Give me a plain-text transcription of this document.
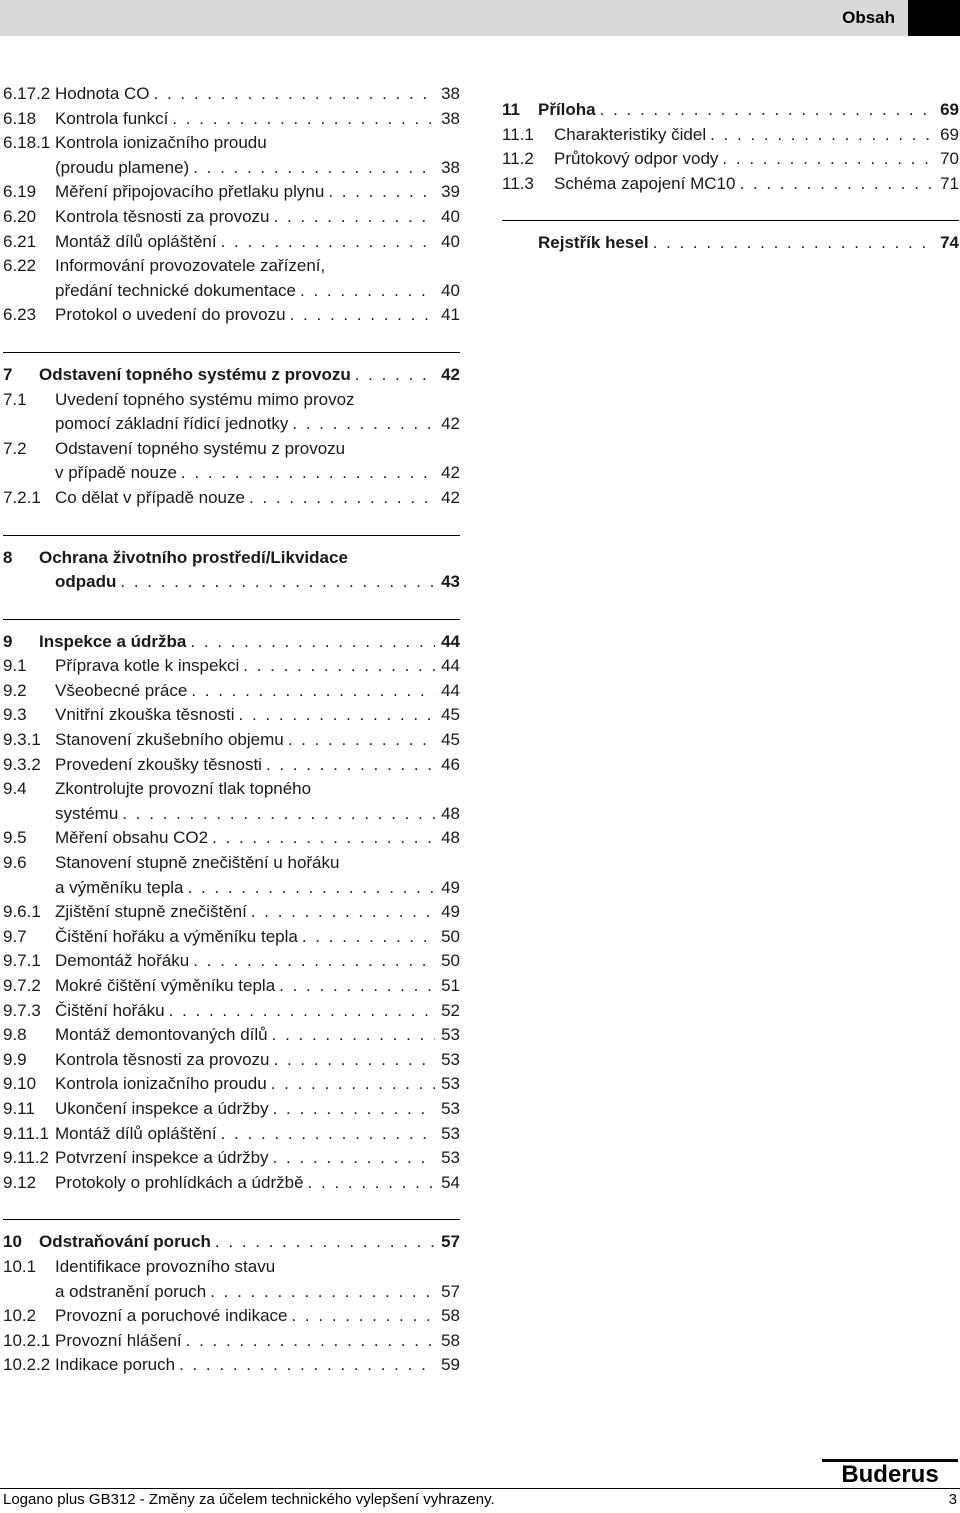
Obsah
6.17.2 Hodnota CO . . .	38
6.18	Kontrola funkcí . . .	38
6.18.1 Kontrola ionizačního proudu
(proudu plamene) . . .	38
6.19	Měření připojovacího přetlaku plynu . . .	39
6.20	Kontrola těsnosti za provozu . . .	40
6.21	Montáž dílů opláštění . . .	40
6.22	Informování provozovatele zařízení,
předání technické dokumentace . . .	40
6.23	Protokol o uvedení do provozu . . .	41
7	Odstavení topného systému z provozu . . .	42
7.1	Uvedení topného systému mimo provoz
pomocí základní řídicí jednotky . . .	42
7.2	Odstavení topného systému z provozu
v případě nouze . . .	42
7.2.1 Co dělat v případě nouze . . .	42
8	Ochrana životního prostředí/Likvidace
odpadu . . .	43
9	Inspekce a údržba . . .	44
9.1	Příprava kotle k inspekci . . .	44
9.2	Všeobecné práce . . .	44
9.3	Vnitřní zkouška těsnosti . . .	45
9.3.1 Stanovení zkušebního objemu . . .	45
9.3.2 Provedení zkoušky těsnosti . . .	46
9.4	Zkontrolujte provozní tlak topného
systému . . .	48
9.5	Měření obsahu CO2 . . .	48
9.6	Stanovení stupně znečištění u hořáku
a výměníku tepla . . .	49
9.6.1 Zjištění stupně znečištění . . .	49
9.7	Čištění hořáku a výměníku tepla . . .	50
9.7.1 Demontáž hořáku . . .	50
9.7.2 Mokré čištění výměníku tepla . . .	51
9.7.3 Čištění hořáku . . .	52
9.8	Montáž demontovaných dílů . . .	53
9.9	Kontrola těsnosti za provozu . . .	53
9.10	Kontrola ionizačního proudu . . .	53
9.11	Ukončení inspekce a údržby . . .	53
9.11.1 Montáž dílů opláštění . . .	53
9.11.2 Potvrzení inspekce a údržby . . .	53
9.12	Protokoly o prohlídkách a údržbě . . .	54
10	Odstraňování poruch . . .	57
10.1	Identifikace provozního stavu
a odstranění poruch . . .	57
10.2	Provozní a poruchové indikace . . .	58
10.2.1 Provozní hlášení . . .	58
10.2.2 Indikace poruch . . .	59
11	Příloha . . .	69
11.1	Charakteristiky čidel . . .	69
11.2	Průtokový odpor vody . . .	70
11.3	Schéma zapojení MC10 . . .	71
Rejstřík hesel . . .	74
Buderus
Logano plus GB312 - Změny za účelem technického vylepšení vyhrazeny.	3
